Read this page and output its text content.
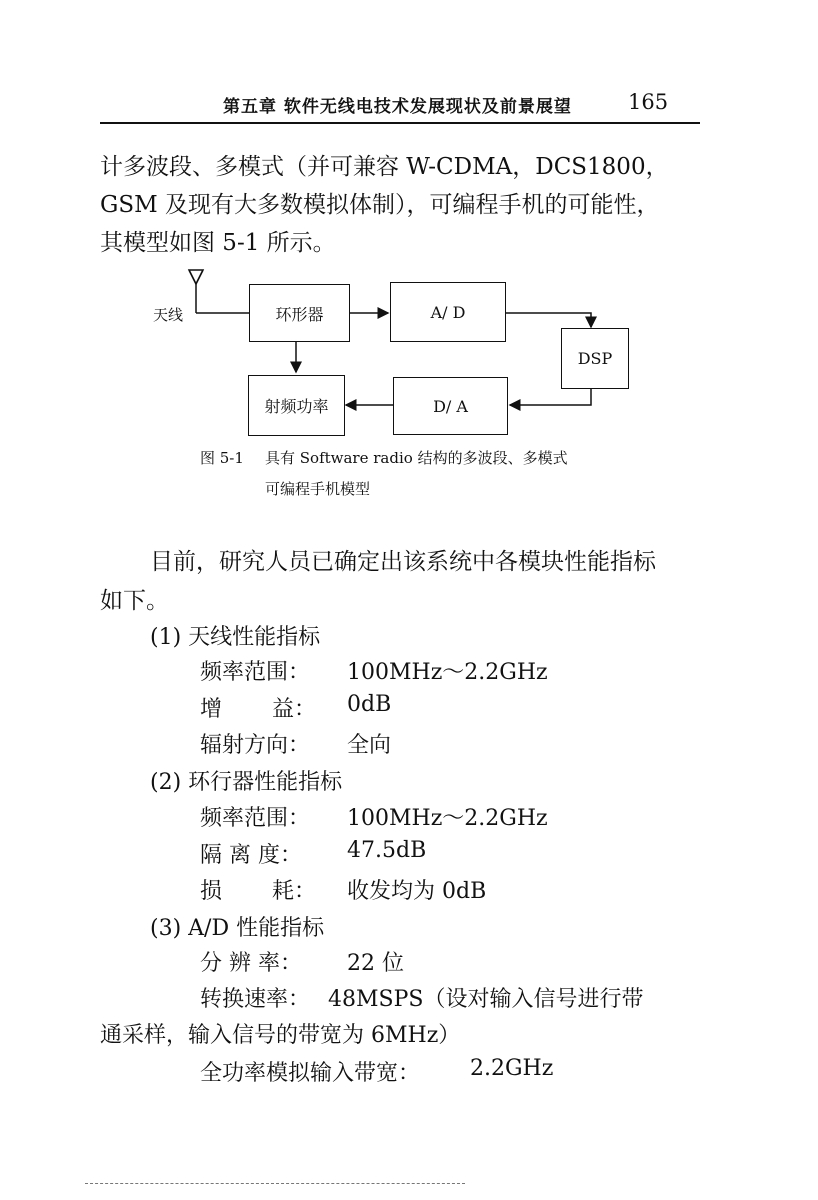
第五章 软件无线电技术发展现状及前景展望	165
计多波段、多模式（并可兼容 W-CDMA，DCS1800，
GSM 及现有大多数模拟体制），可编程手机的可能性，
其模型如图 5-1 所示。
天线	环形器	A/ D
DSP
D/ A
射频功率
图 5-1 具有 Software radio 结构的多波段、多模式
可编程手机模型
目前，研究人员已确定出该系统中各模块性能指标
如下。
(1) 天线性能指标
频率范围： 100MHz～2.2GHz
增 益： 0dB
辐射方向： 全向
(2) 环行器性能指标
频率范围： 100MHz～2.2GHz
隔 离 度： 47.5dB
损 耗： 收发均为 0dB
(3) A/D 性能指标
分 辨 率： 22 位
转换速率：　 48MSPS（设对输入信号进行带
通采样，输入信号的带宽为 6MHz）
全功率模拟输入带宽： 2.2GHz
